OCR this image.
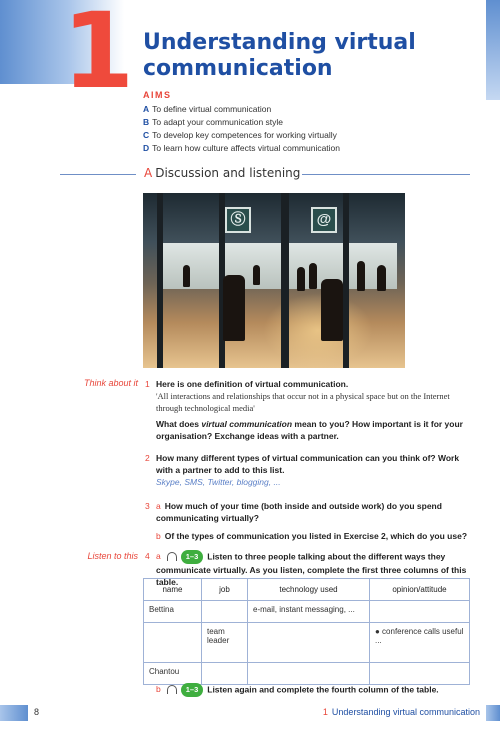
1 Understanding virtual communication
AIMS
A To define virtual communication
B To adapt your communication style
C To develop key competences for working virtually
D To learn how culture affects virtual communication
A Discussion and listening
Ⓢ	@
Think about it 1 Here is one definition of virtual communication.
'All interactions and relationships that occur not in a physical space but on the Internet through technological media'
What does virtual communication mean to you? How important is it for your organisation? Exchange ideas with a partner.
2 How many different types of virtual communication can you think of? Work with a partner to add to this list.
Skype, SMS, Twitter, blogging, ...
3 a How much of your time (both inside and outside work) do you spend communicating virtually?
b Of the types of communication you listed in Exercise 2, which do you use?
Listen to this 4 a	1–3 Listen to three people talking about the different ways they communicate virtually. As you listen, complete the first three columns of this table.
name	job	technology used	opinion/attitude
Bettina		e-mail, instant messaging, ...	
	team leader		● conference calls useful ...
Chantou			
b	1–3 Listen again and complete the fourth column of the table.
8	1 Understanding virtual communication
